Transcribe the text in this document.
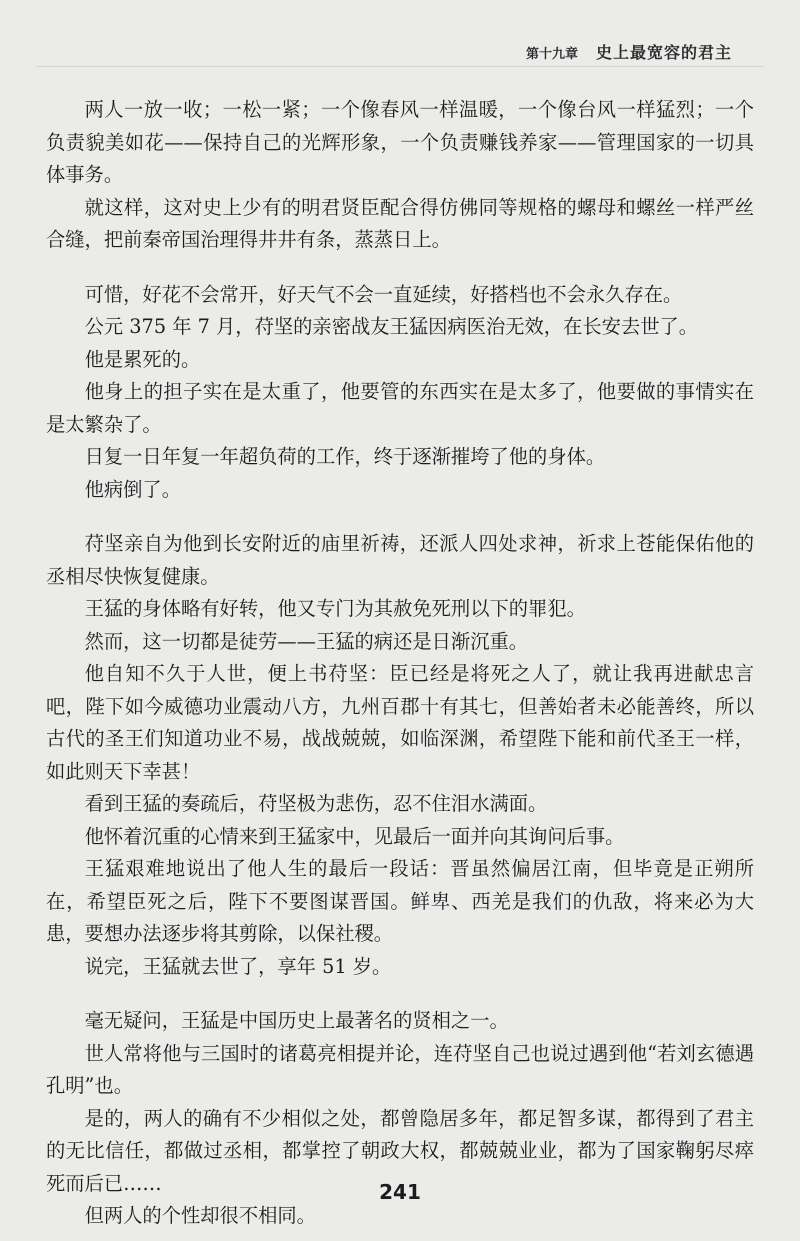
第十九章 史上最宽容的君主

两人一放一收；一松一紧；一个像春风一样温暖，一个像台风一样猛烈；一个负责貌美如花——保持自己的光辉形象，一个负责赚钱养家——管理国家的一切具体事务。

就这样，这对史上少有的明君贤臣配合得仿佛同等规格的螺母和螺丝一样严丝合缝，把前秦帝国治理得井井有条，蒸蒸日上。

可惜，好花不会常开，好天气不会一直延续，好搭档也不会永久存在。

公元 375 年 7 月，苻坚的亲密战友王猛因病医治无效，在长安去世了。

他是累死的。

他身上的担子实在是太重了，他要管的东西实在是太多了，他要做的事情实在是太繁杂了。

日复一日年复一年超负荷的工作，终于逐渐摧垮了他的身体。

他病倒了。

苻坚亲自为他到长安附近的庙里祈祷，还派人四处求神，祈求上苍能保佑他的丞相尽快恢复健康。

王猛的身体略有好转，他又专门为其赦免死刑以下的罪犯。

然而，这一切都是徒劳——王猛的病还是日渐沉重。

他自知不久于人世，便上书苻坚：臣已经是将死之人了，就让我再进献忠言吧，陛下如今威德功业震动八方，九州百郡十有其七，但善始者未必能善终，所以古代的圣王们知道功业不易，战战兢兢，如临深渊，希望陛下能和前代圣王一样，如此则天下幸甚！

看到王猛的奏疏后，苻坚极为悲伤，忍不住泪水满面。

他怀着沉重的心情来到王猛家中，见最后一面并向其询问后事。

王猛艰难地说出了他人生的最后一段话：晋虽然偏居江南，但毕竟是正朔所在，希望臣死之后，陛下不要图谋晋国。鲜卑、西羌是我们的仇敌，将来必为大患，要想办法逐步将其剪除，以保社稷。

说完，王猛就去世了，享年 51 岁。

毫无疑问，王猛是中国历史上最著名的贤相之一。

世人常将他与三国时的诸葛亮相提并论，连苻坚自己也说过遇到他“若刘玄德遇孔明”也。

是的，两人的确有不少相似之处，都曾隐居多年，都足智多谋，都得到了君主的无比信任，都做过丞相，都掌控了朝政大权，都兢兢业业，都为了国家鞠躬尽瘁死而后已……

但两人的个性却很不相同。

241
